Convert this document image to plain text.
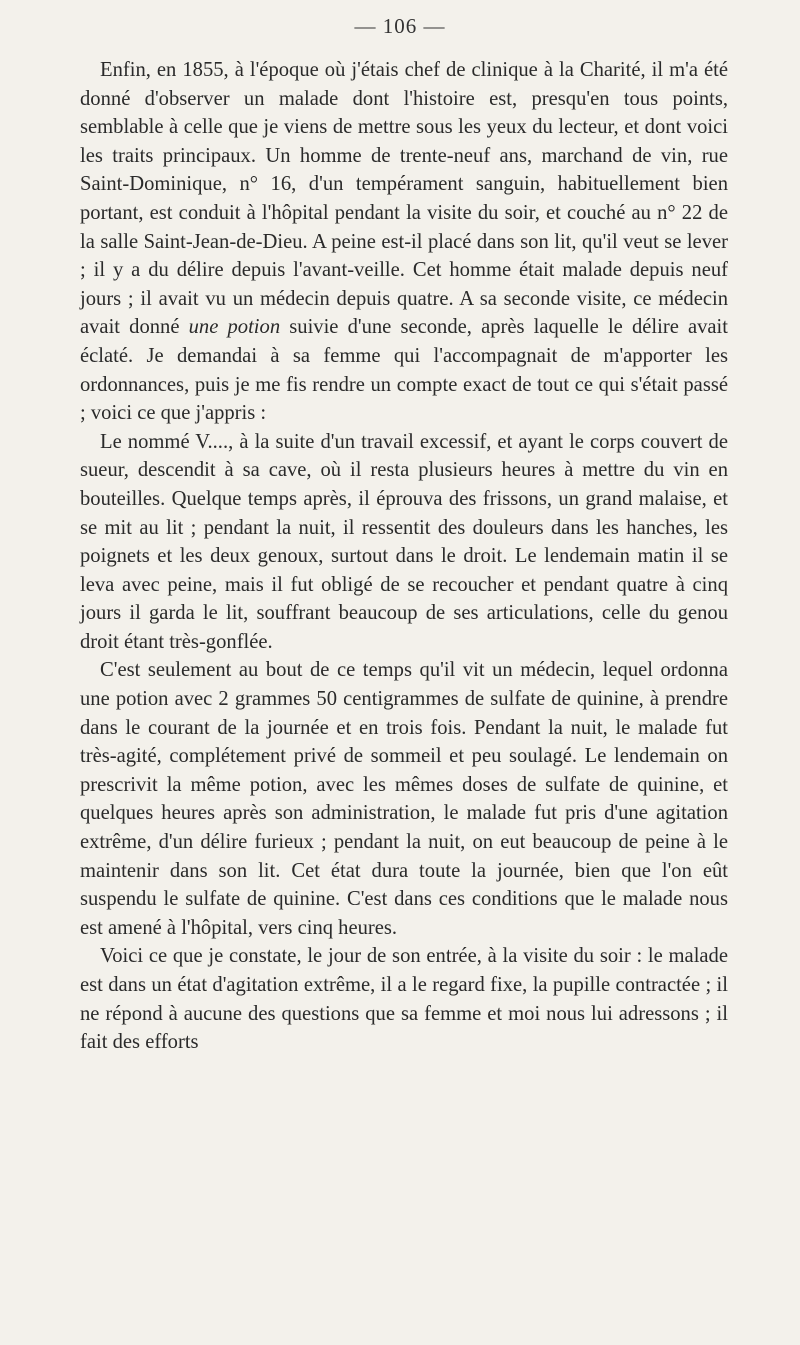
— 106 —

Enfin, en 1855, à l'époque où j'étais chef de clinique à la Charité, il m'a été donné d'observer un malade dont l'histoire est, presqu'en tous points, semblable à celle que je viens de mettre sous les yeux du lecteur, et dont voici les traits principaux. Un homme de trente-neuf ans, marchand de vin, rue Saint-Dominique, n° 16, d'un tempérament sanguin, habituellement bien portant, est conduit à l'hôpital pendant la visite du soir, et couché au n° 22 de la salle Saint-Jean-de-Dieu. A peine est-il placé dans son lit, qu'il veut se lever ; il y a du délire depuis l'avant-veille. Cet homme était malade depuis neuf jours ; il avait vu un médecin depuis quatre. A sa seconde visite, ce médecin avait donné une potion suivie d'une seconde, après laquelle le délire avait éclaté. Je demandai à sa femme qui l'accompagnait de m'apporter les ordonnances, puis je me fis rendre un compte exact de tout ce qui s'était passé ; voici ce que j'appris :

Le nommé V...., à la suite d'un travail excessif, et ayant le corps couvert de sueur, descendit à sa cave, où il resta plusieurs heures à mettre du vin en bouteilles. Quelque temps après, il éprouva des frissons, un grand malaise, et se mit au lit ; pendant la nuit, il ressentit des douleurs dans les hanches, les poignets et les deux genoux, surtout dans le droit. Le lendemain matin il se leva avec peine, mais il fut obligé de se recoucher et pendant quatre à cinq jours il garda le lit, souffrant beaucoup de ses articulations, celle du genou droit étant très-gonflée.

C'est seulement au bout de ce temps qu'il vit un médecin, lequel ordonna une potion avec 2 grammes 50 centigrammes de sulfate de quinine, à prendre dans le courant de la journée et en trois fois. Pendant la nuit, le malade fut très-agité, complétement privé de sommeil et peu soulagé. Le lendemain on prescrivit la même potion, avec les mêmes doses de sulfate de quinine, et quelques heures après son administration, le malade fut pris d'une agitation extrême, d'un délire furieux ; pendant la nuit, on eut beaucoup de peine à le maintenir dans son lit. Cet état dura toute la journée, bien que l'on eût suspendu le sulfate de quinine. C'est dans ces conditions que le malade nous est amené à l'hôpital, vers cinq heures.

Voici ce que je constate, le jour de son entrée, à la visite du soir : le malade est dans un état d'agitation extrême, il a le regard fixe, la pupille contractée ; il ne répond à aucune des questions que sa femme et moi nous lui adressons ; il fait des efforts
